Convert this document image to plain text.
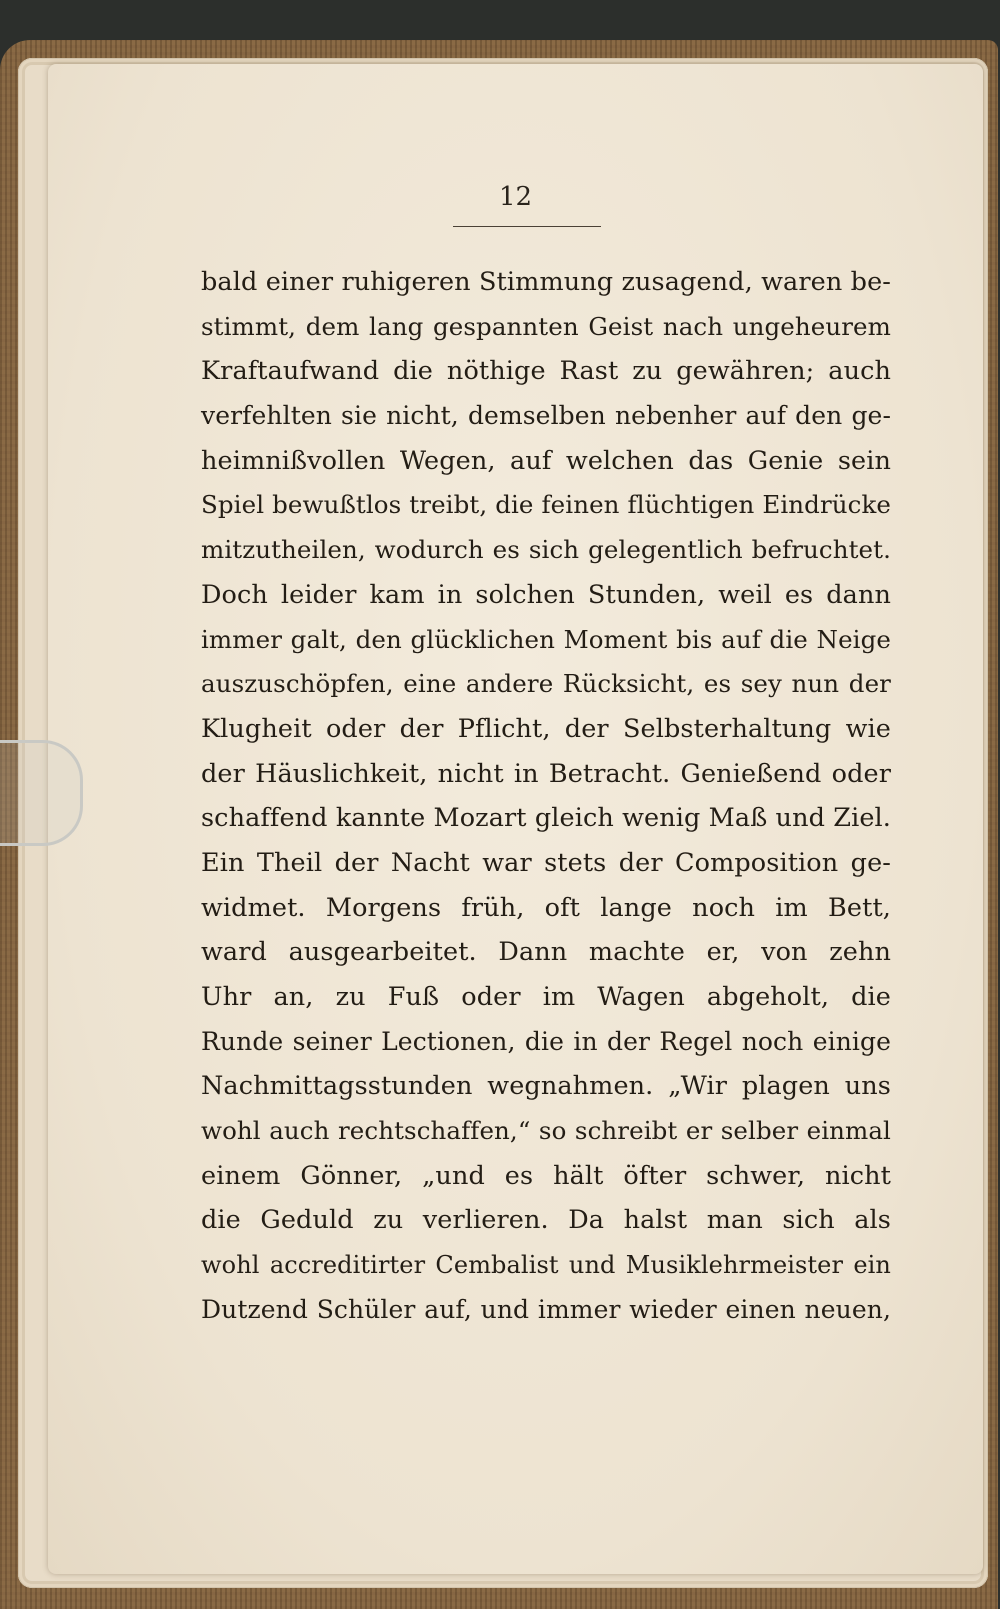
12
bald einer ruhigeren Stimmung zusagend, waren be-
stimmt, dem lang gespannten Geist nach ungeheurem
Kraftaufwand die nöthige Rast zu gewähren; auch
verfehlten sie nicht, demselben nebenher auf den ge-
heimnißvollen Wegen, auf welchen das Genie sein
Spiel bewußtlos treibt, die feinen flüchtigen Eindrücke
mitzutheilen, wodurch es sich gelegentlich befruchtet.
Doch leider kam in solchen Stunden, weil es dann
immer galt, den glücklichen Moment bis auf die Neige
auszuschöpfen, eine andere Rücksicht, es sey nun der
Klugheit oder der Pflicht, der Selbsterhaltung wie
der Häuslichkeit, nicht in Betracht. Genießend oder
schaffend kannte Mozart gleich wenig Maß und Ziel.
Ein Theil der Nacht war stets der Composition ge-
widmet. Morgens früh, oft lange noch im Bett,
ward ausgearbeitet. Dann machte er, von zehn
Uhr an, zu Fuß oder im Wagen abgeholt, die
Runde seiner Lectionen, die in der Regel noch einige
Nachmittagsstunden wegnahmen. „Wir plagen uns
wohl auch rechtschaffen,“ so schreibt er selber einmal
einem Gönner, „und es hält öfter schwer, nicht
die Geduld zu verlieren. Da halst man sich als
wohl accreditirter Cembalist und Musiklehrmeister ein
Dutzend Schüler auf, und immer wieder einen neuen,
